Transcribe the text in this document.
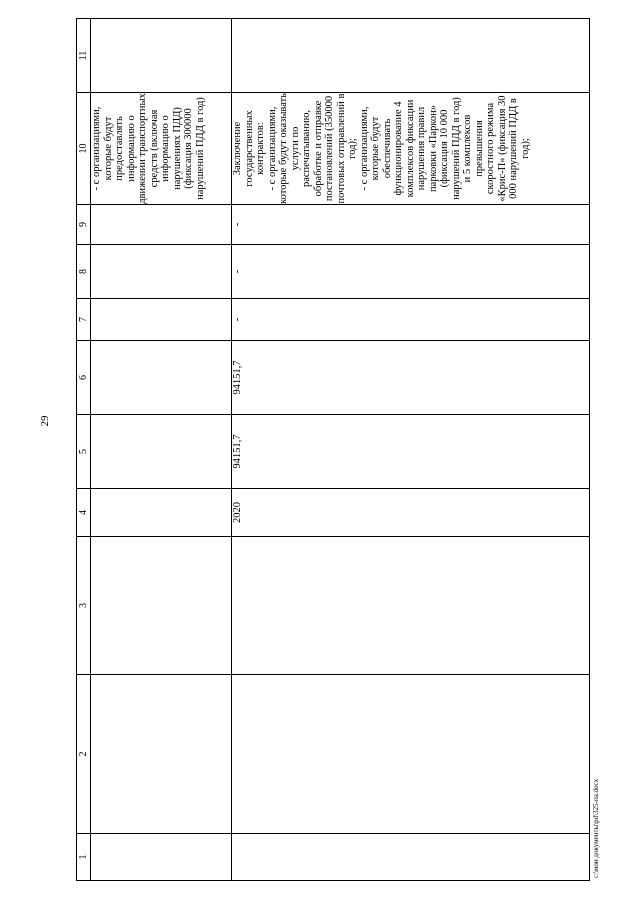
29
c:\мои документы\pd\325-па.docx
1	2	3	4	5	6	7	8	9	10	11
									- с организациями, которые будут предоставлять информацию о движении транспортных средств (включая информацию о нарушениях ПДД) (фиксация 300000 нарушений ПДД в год)	
			2020	94151,7	94151,7	-	-	-	Заключение государственных контрактов: - с организациями, которые будут оказывать услуги по распечатыванию, обработке и отправке постановлений (350000 почтовых отправлений в год); - с организациями, которые будут обеспечивать функционирование 4 комплексов фиксации нарушения правил парковки «Паркон» (фиксация 10 000 нарушений ПДД в год) и 5 комплексов превышения скоростного режима «Крис-П» (фиксация 30 000 нарушений ПДД в год);	
